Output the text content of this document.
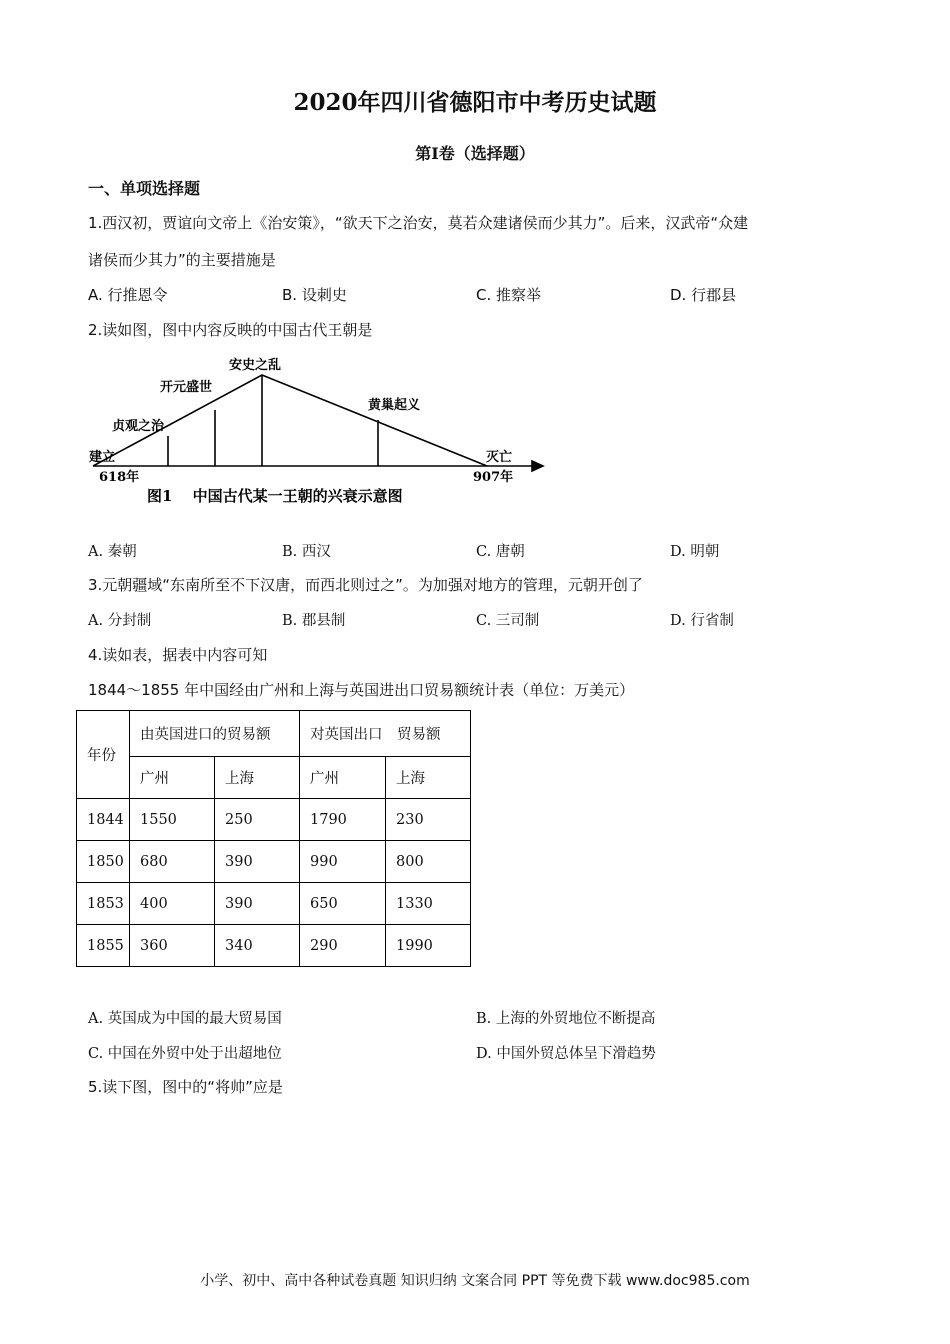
2020年四川省德阳市中考历史试题
第Ⅰ卷（选择题）
一、单项选择题
1.西汉初，贾谊向文帝上《治安策》，“欲天下之治安，莫若众建诸侯而少其力”。后来，汉武帝“众建
诸侯而少其力”的主要措施是
A. 行推恩令	B. 设刺史	C. 推察举	D. 行郡县
2.读如图，图中内容反映的中国古代王朝是
建立
618年
贞观之治
开元盛世
安史之乱
黄巢起义
灭亡
907年
图1　 中国古代某一王朝的兴衰示意图
A. 秦朝	B. 西汉	C. 唐朝	D. 明朝
3.元朝疆域“东南所至不下汉唐，而西北则过之”。为加强对地方的管理，元朝开创了
A. 分封制	B. 郡县制	C. 三司制	D. 行省制
4.读如表，据表中内容可知
1844～1855 年中国经由广州和上海与英国进出口贸易额统计表（单位：万美元）
年份	由英国进口的贸易额		对英国出口　贸易额	
	广州	上海	广州	上海
1844	1550	250	1790	230
1850	680	390	990	800
1853	400	390	650	1330
1855	360	340	290	1990
A. 英国成为中国的最大贸易国	B. 上海的外贸地位不断提高
C. 中国在外贸中处于出超地位	D. 中国外贸总体呈下滑趋势
5.读下图，图中的“将帅”应是
小学、初中、高中各种试卷真题 知识归纳 文案合同 PPT 等免费下载 www.doc985.com
